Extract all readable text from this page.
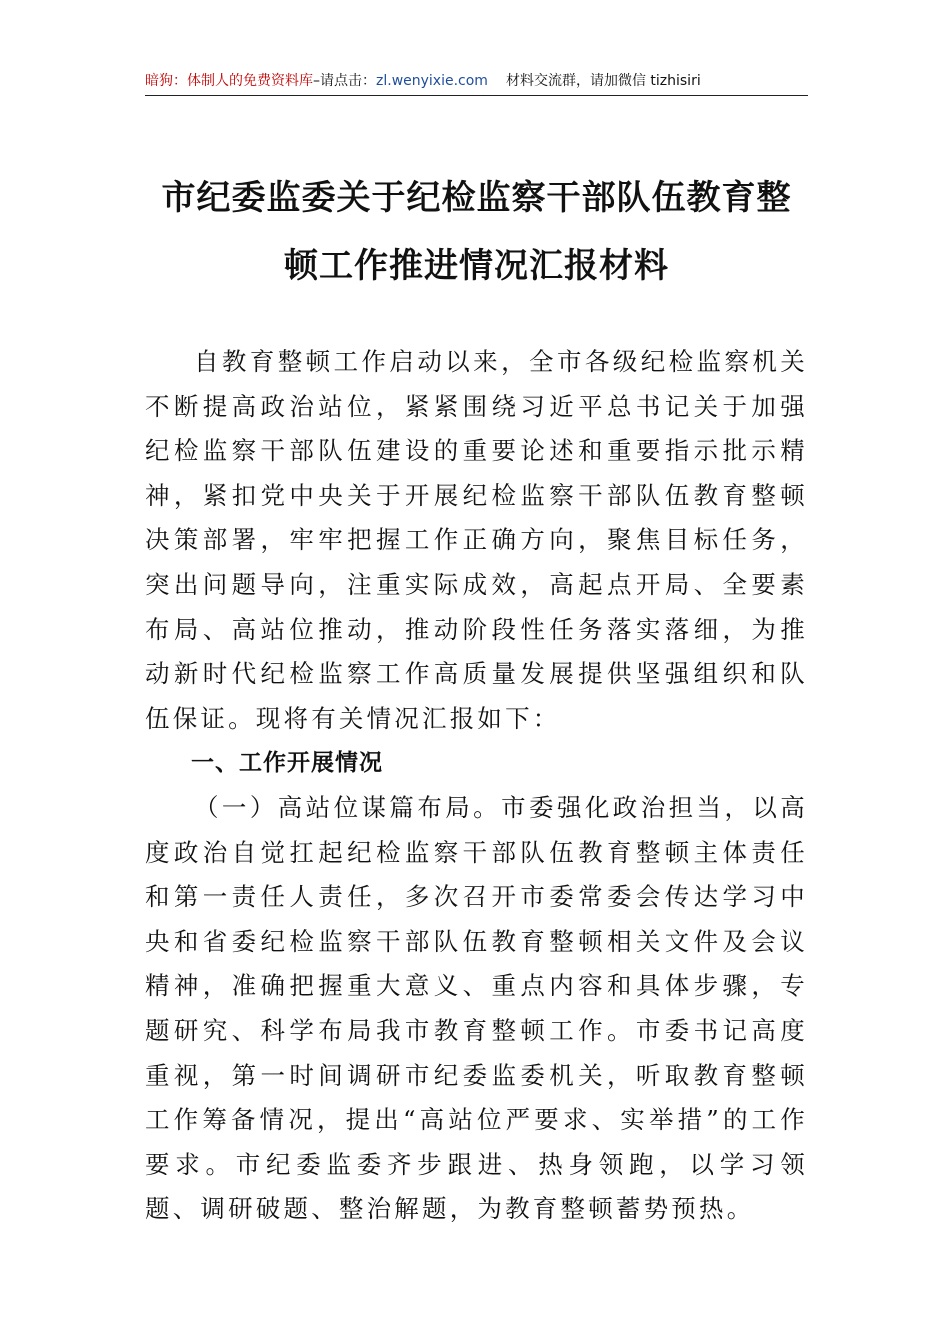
暗狗：体制人的免费资料库–请点击：zl.wenyixie.com 材料交流群，请加微信 tizhisiri
市纪委监委关于纪检监察干部队伍教育整
顿工作推进情况汇报材料

自教育整顿工作启动以来，全市各级纪检监察机关不断提高政治站位，紧紧围绕习近平总书记关于加强纪检监察干部队伍建设的重要论述和重要指示批示精神，紧扣党中央关于开展纪检监察干部队伍教育整顿决策部署，牢牢把握工作正确方向，聚焦目标任务，突出问题导向，注重实际成效，高起点开局、全要素布局、高站位推动，推动阶段性任务落实落细，为推动新时代纪检监察工作高质量发展提供坚强组织和队伍保证。现将有关情况汇报如下：

一、工作开展情况

（一）高站位谋篇布局。市委强化政治担当，以高度政治自觉扛起纪检监察干部队伍教育整顿主体责任和第一责任人责任，多次召开市委常委会传达学习中央和省委纪检监察干部队伍教育整顿相关文件及会议精神，准确把握重大意义、重点内容和具体步骤，专题研究、科学布局我市教育整顿工作。市委书记高度重视，第一时间调研市纪委监委机关，听取教育整顿工作筹备情况，提出“高站位严要求、实举措”的工作要求。市纪委监委齐步跟进、热身领跑，以学习领题、调研破题、整治解题，为教育整顿蓄势预热。
